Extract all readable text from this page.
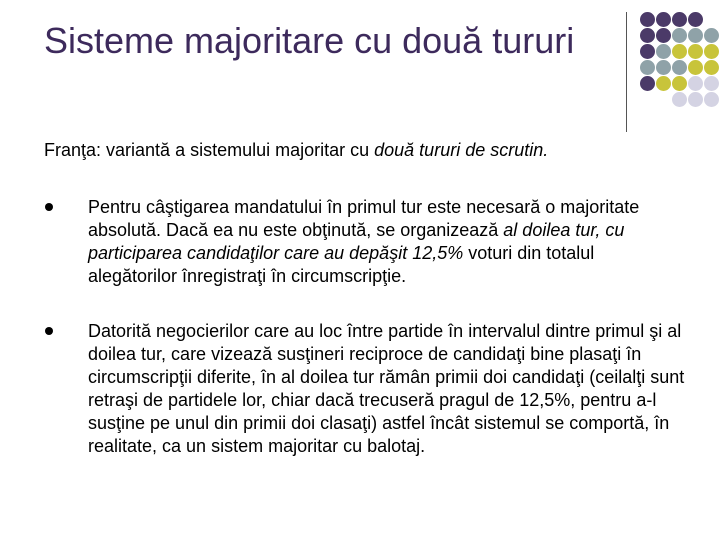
Sisteme majoritare cu două tururi

Franţa: variantă a sistemului majoritar cu două tururi de scrutin.

Pentru câştigarea mandatului în primul tur este necesară o majoritate absolută. Dacă ea nu este obţinută, se organizează al doilea tur, cu participarea candidaţilor care au depăşit 12,5% voturi din totalul alegătorilor înregistraţi în circumscripţie.

Datorită negocierilor care au loc între partide în intervalul dintre primul şi al doilea tur, care vizează susţineri reciproce de candidaţi bine plasaţi în circumscripţii diferite, în al doilea tur rămân primii doi candidaţi (ceilalţi sunt retraşi de partidele lor, chiar dacă trecuseră pragul de 12,5%, pentru a-l susţine pe unul din primii doi clasaţi) astfel încât sistemul se comportă, în realitate, ca un sistem majoritar cu balotaj.
